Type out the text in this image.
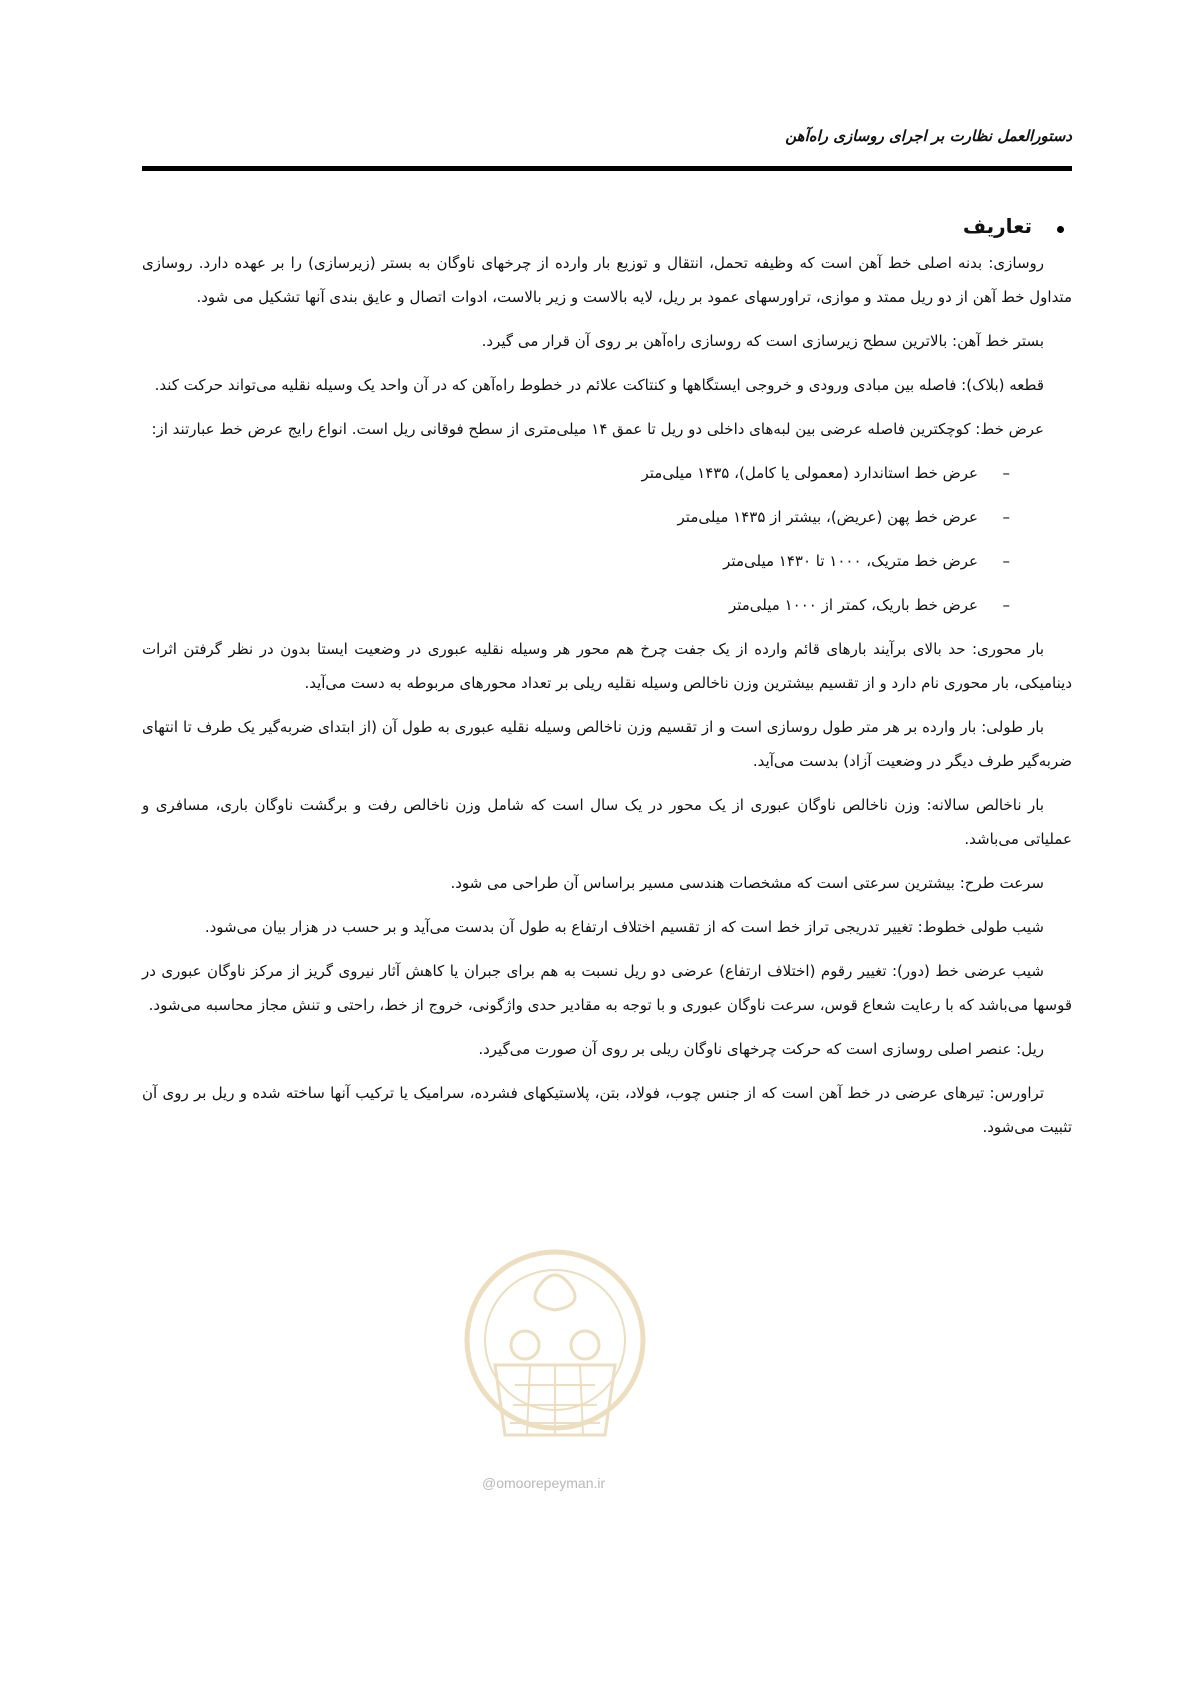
دستورالعمل نظارت بر اجرای روسازی راه‌آهن

تعاریف

روسازی: بدنه اصلی خط آهن است که وظیفه تحمل، انتقال و توزیع بار وارده از چرخهای ناوگان به بستر (زیرسازی) را بر عهده دارد. روسازی متداول خط آهن از دو ریل ممتد و موازی، تراورسهای عمود بر ریل، لایه بالاست و زیر بالاست، ادوات اتصال و عایق بندی آنها تشکیل می شود.

بستر خط آهن: بالاترین سطح زیرسازی است که روسازی راه‌آهن بر روی آن قرار می گیرد.

قطعه (بلاک): فاصله بین مبادی ورودی و خروجی ایستگاهها و کنتاکت علائم در خطوط راه‌آهن که در آن واحد یک وسیله نقلیه می‌تواند حرکت کند.

عرض خط: کوچکترین فاصله عرضی بین لبه‌های داخلی دو ریل تا عمق ۱۴ میلی‌متری از سطح فوقانی ریل است. انواع رایج عرض خط عبارتند از:

–
عرض خط استاندارد (معمولی یا کامل)، ۱۴۳۵ میلی‌متر
–
عرض خط پهن (عریض)، بیشتر از ۱۴۳۵ میلی‌متر
–
عرض خط متریک، ۱۰۰۰ تا ۱۴۳۰ میلی‌متر
–
عرض خط باریک، کمتر از ۱۰۰۰ میلی‌متر

بار محوری: حد بالای برآیند بارهای قائم وارده از یک جفت چرخ هم محور هر وسیله نقلیه عبوری در وضعیت ایستا بدون در نظر گرفتن اثرات دینامیکی، بار محوری نام دارد و از تقسیم بیشترین وزن ناخالص وسیله نقلیه ریلی بر تعداد محورهای مربوطه به دست می‌آید.

بار طولی: بار وارده بر هر متر طول روسازی است و از تقسیم وزن ناخالص وسیله نقلیه عبوری به طول آن (از ابتدای ضربه‌گیر یک طرف تا انتهای ضربه‌گیر طرف دیگر در وضعیت آزاد) بدست می‌آید.

بار ناخالص سالانه: وزن ناخالص ناوگان عبوری از یک محور در یک سال است که شامل وزن ناخالص رفت و برگشت ناوگان باری، مسافری و عملیاتی می‌باشد.

سرعت طرح: بیشترین سرعتی است که مشخصات هندسی مسیر براساس آن طراحی می شود.

شیب طولی خطوط: تغییر تدریجی تراز خط است که از تقسیم اختلاف ارتفاع به طول آن بدست می‌آید و بر حسب در هزار بیان می‌شود.

شیب عرضی خط (دور): تغییر رقوم (اختلاف ارتفاع) عرضی دو ریل نسبت به هم برای جبران یا کاهش آثار نیروی گریز از مرکز ناوگان عبوری در قوسها می‌باشد که با رعایت شعاع قوس، سرعت ناوگان عبوری و با توجه به مقادیر حدی واژگونی، خروج از خط، راحتی و تنش مجاز محاسبه می‌شود.

ریل: عنصر اصلی روسازی است که حرکت چرخهای ناوگان ریلی بر روی آن صورت می‌گیرد.

تراورس: تیرهای عرضی در خط آهن است که از جنس چوب، فولاد، بتن، پلاستیکهای فشرده، سرامیک یا ترکیب آنها ساخته شده و ریل بر روی آن تثبیت می‌شود.

@omoorepeyman.ir
